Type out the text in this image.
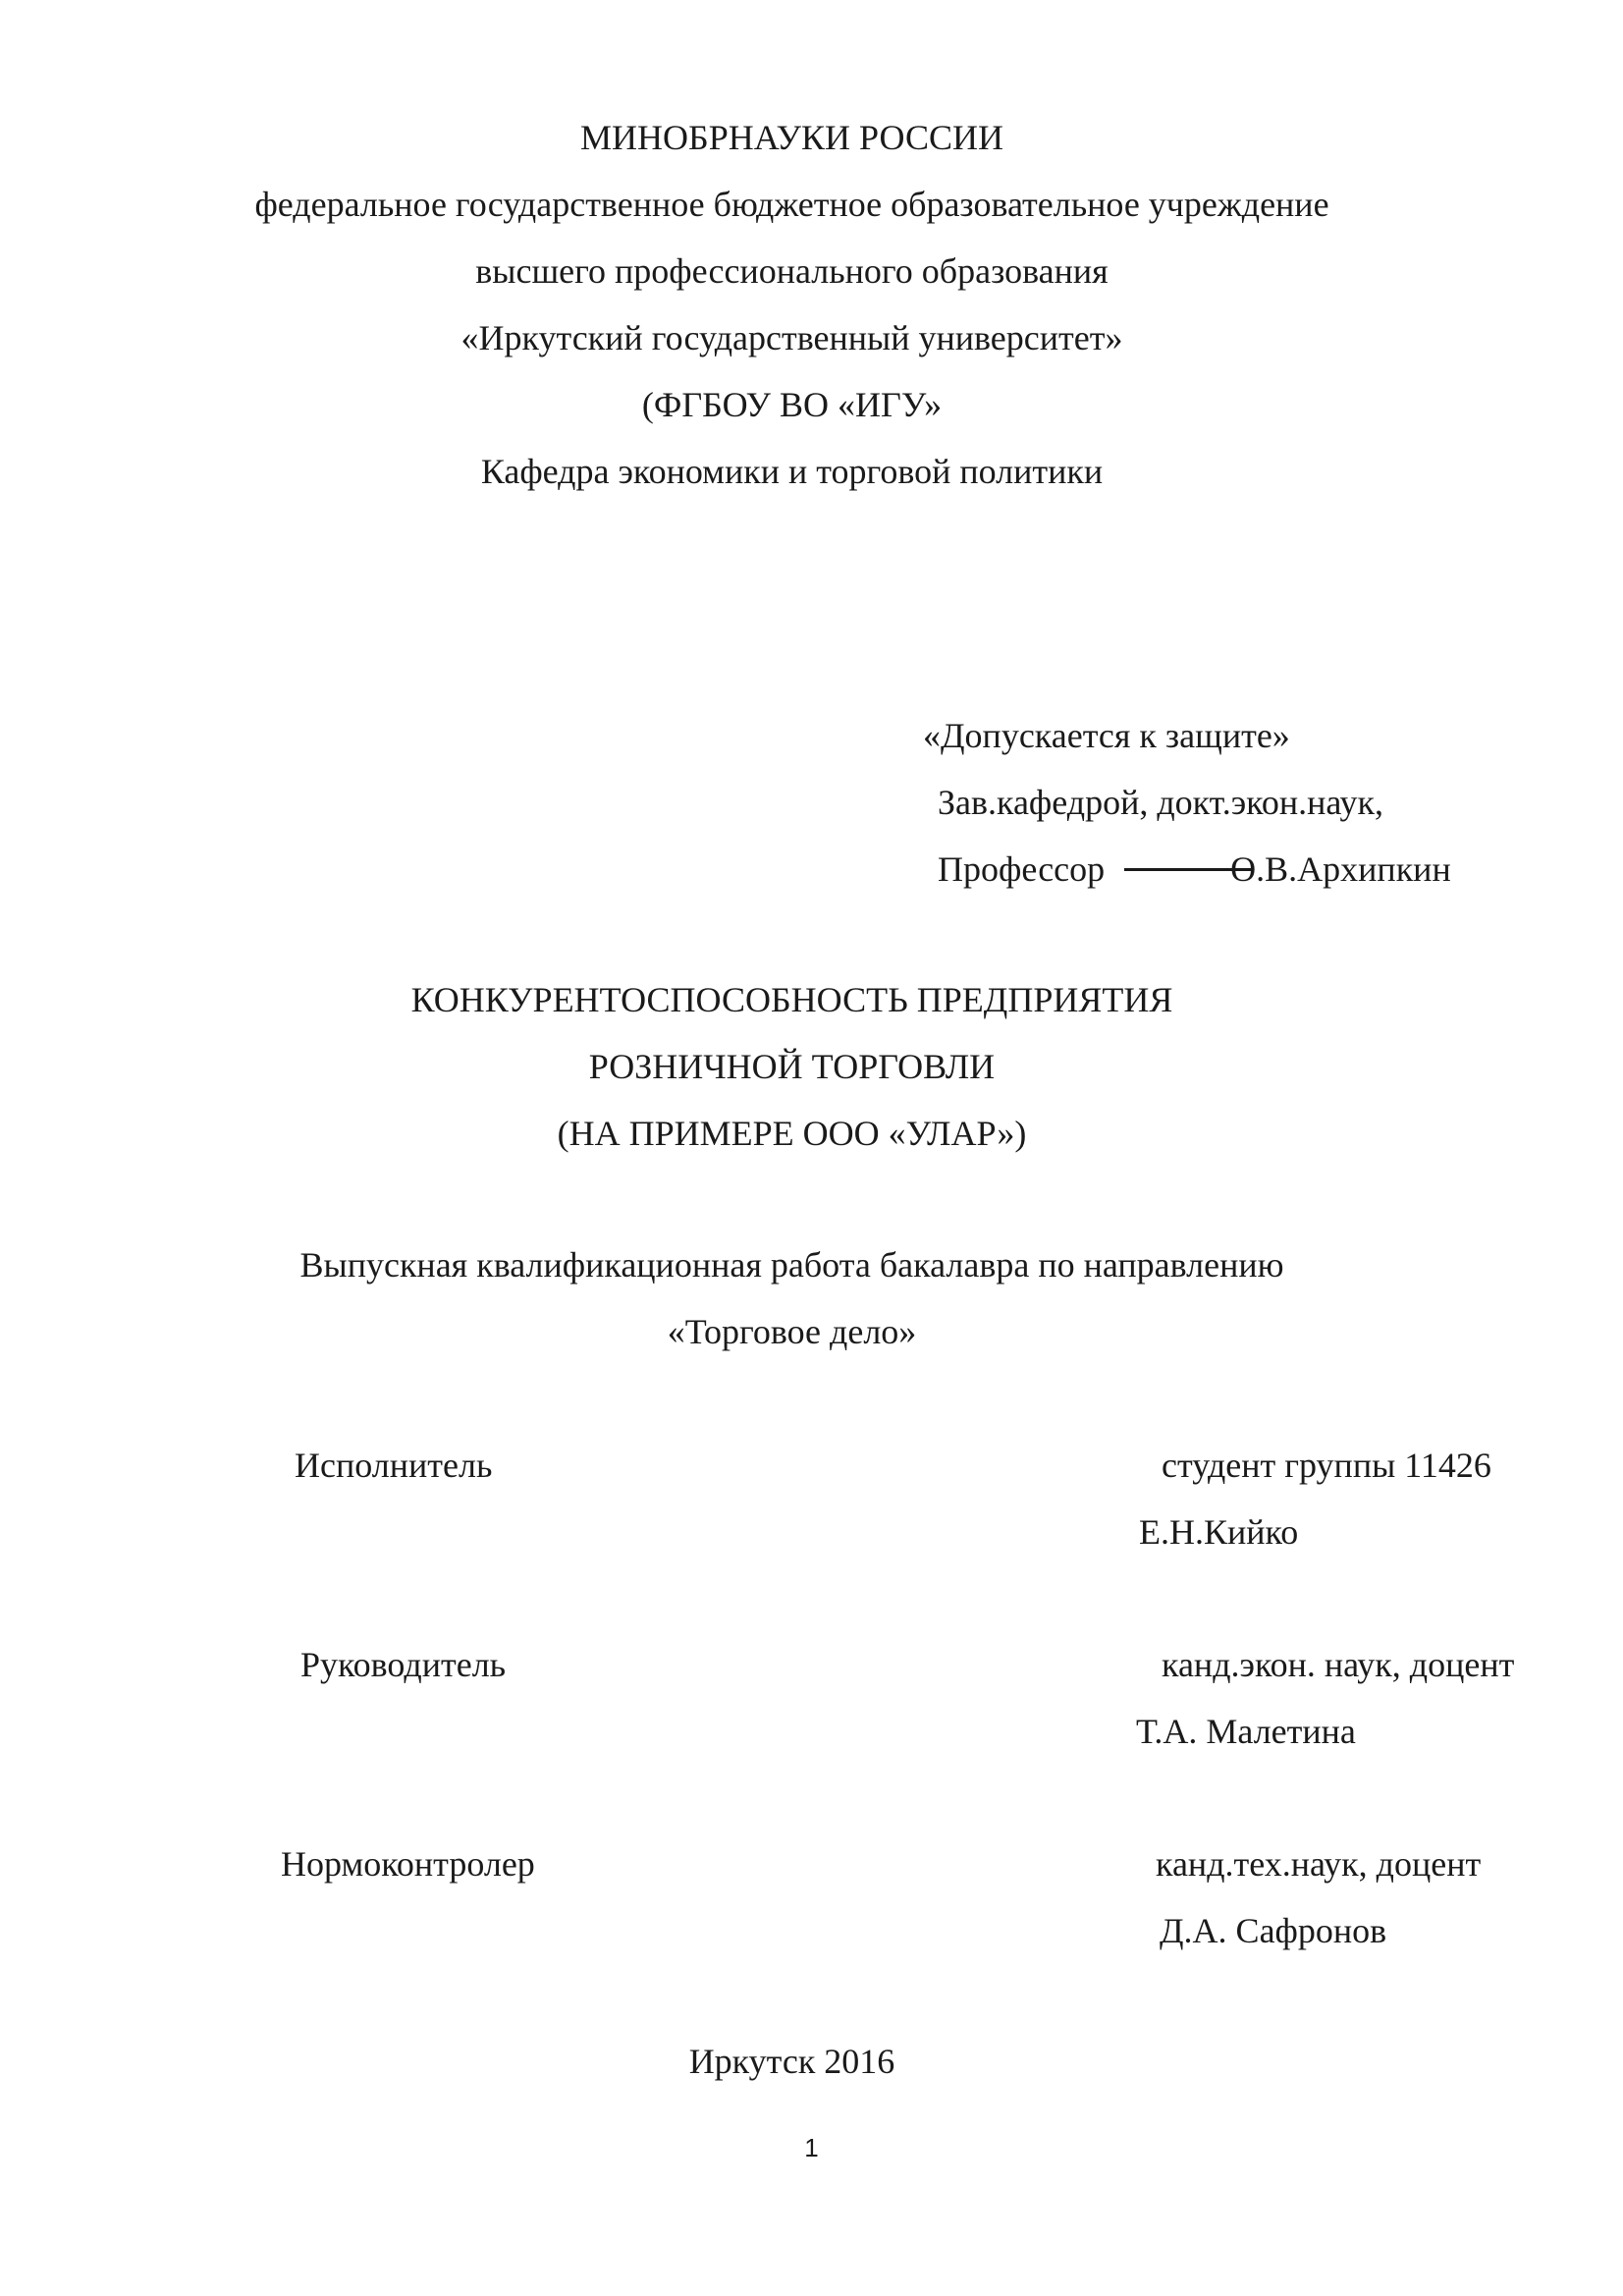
МИНОБРНАУКИ РОССИИ
федеральное государственное бюджетное образовательное учреждение
высшего профессионального образования
«Иркутский государственный университет»
(ФГБОУ ВО «ИГУ»
Кафедра экономики и торговой политики
«Допускается к защите»
Зав.кафедрой, докт.экон.наук,
Профессор	О.В.Архипкин
КОНКУРЕНТОСПОСОБНОСТЬ ПРЕДПРИЯТИЯ
РОЗНИЧНОЙ ТОРГОВЛИ
(НА ПРИМЕРЕ ООО «УЛАР»)
Выпускная квалификационная работа бакалавра по направлению
«Торговое дело»
Исполнитель	студент группы 11426
Е.Н.Кийко
Руководитель	канд.экон. наук, доцент
Т.А. Малетина
Нормоконтролер	канд.тех.наук, доцент
Д.А. Сафронов
Иркутск 2016
1
